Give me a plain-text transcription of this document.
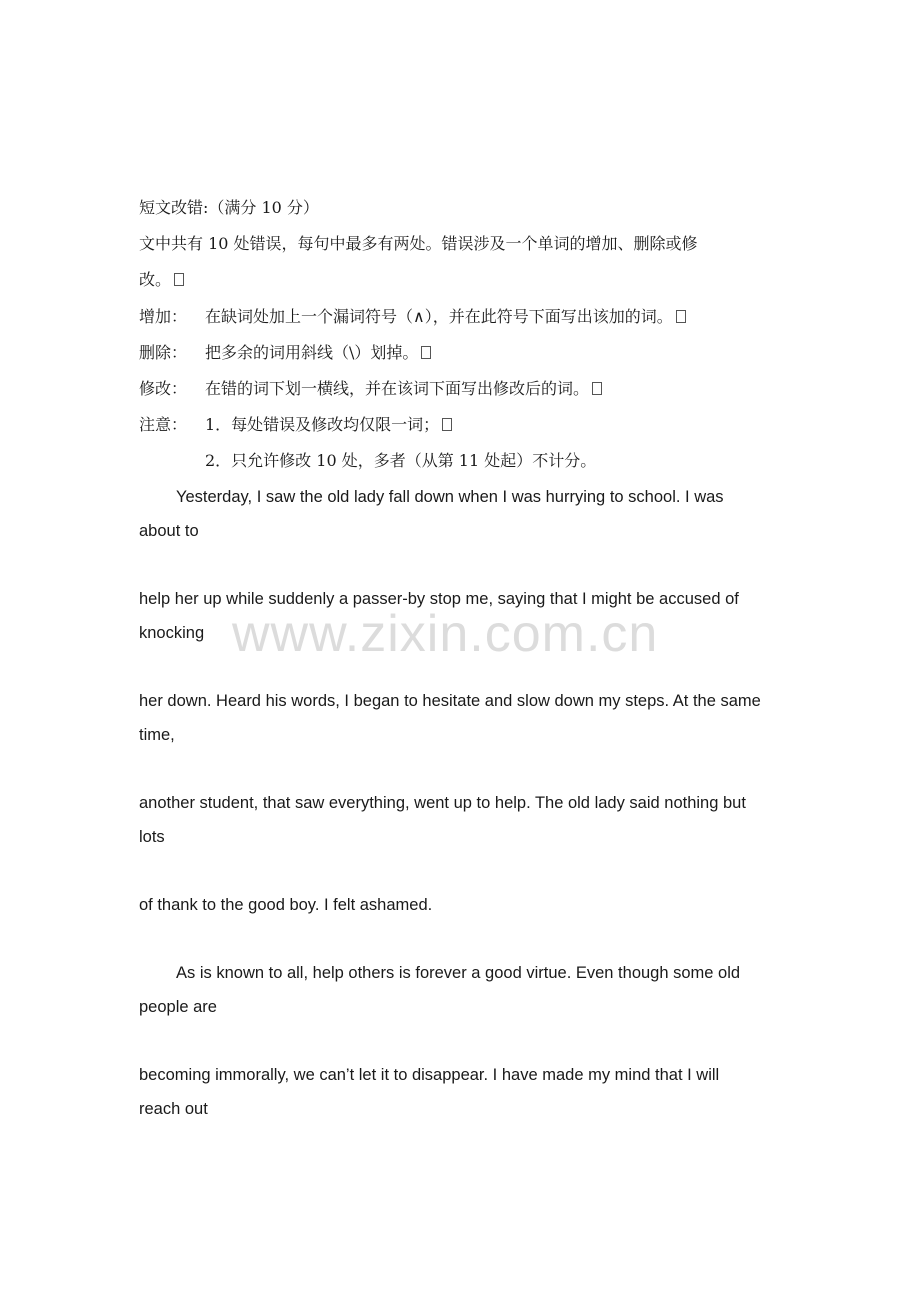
短文改错:（满分 10 分）
文中共有 10 处错误，每句中最多有两处。错误涉及一个单词的增加、删除或修
改。
增加： 在缺词处加上一个漏词符号（∧），并在此符号下面写出该加的词。
删除： 把多余的词用斜线（\）划掉。
修改： 在错的词下划一横线，并在该词下面写出修改后的词。
注意： 1．每处错误及修改均仅限一词；
2．只允许修改 10 处，多者（从第 11 处起）不计分。
Yesterday, I saw the old lady fall down when I was hurrying to school. I was
about to
help her up while suddenly a passer-by stop me, saying that I might be accused of
knocking
her down. Heard his words, I began to hesitate and slow down my steps. At the same
time,
another student, that saw everything, went up to help. The old lady said nothing but
lots
of thank to the good boy. I felt ashamed.
As is known to all, help others is forever a good virtue. Even though some old
people are
becoming immorally, we can’t let it to disappear. I have made my mind that I will
reach out
www.zixin.com.cn
